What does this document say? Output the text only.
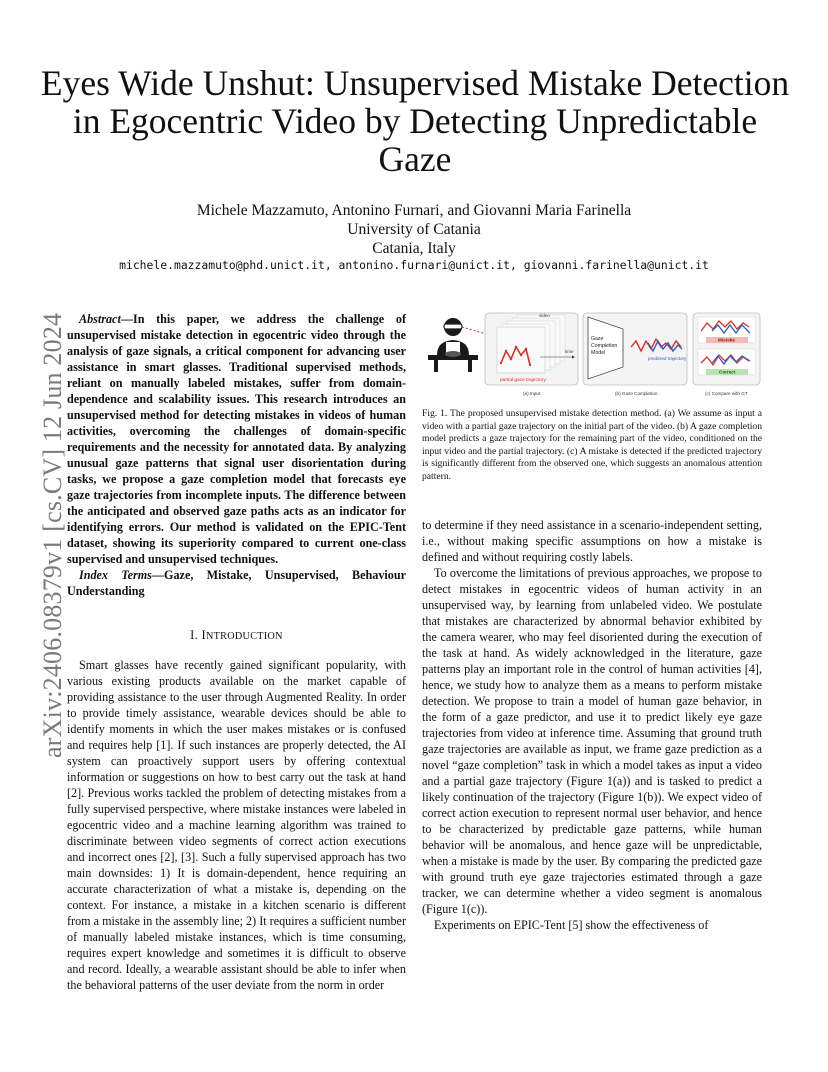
arXiv:2406.08379v1 [cs.CV] 12 Jun 2024
Eyes Wide Unshut: Unsupervised Mistake Detection in Egocentric Video by Detecting Unpredictable Gaze
Michele Mazzamuto, Antonino Furnari, and Giovanni Maria Farinella
University of Catania
Catania, Italy
michele.mazzamuto@phd.unict.it, antonino.furnari@unict.it, giovanni.farinella@unict.it

Abstract—In this paper, we address the challenge of unsupervised mistake detection in egocentric video through the analysis of gaze signals, a critical component for advancing user assistance in smart glasses. Traditional supervised methods, reliant on manually labeled mistakes, suffer from domain-dependence and scalability issues. This research introduces an unsupervised method for detecting mistakes in videos of human activities, overcoming the challenges of domain-specific requirements and the necessity for annotated data. By analyzing unusual gaze patterns that signal user disorientation during tasks, we propose a gaze completion model that forecasts eye gaze trajectories from incomplete inputs. The difference between the anticipated and observed gaze paths acts as an indicator for identifying errors. Our method is validated on the EPIC-Tent dataset, showing its superiority compared to current one-class supervised and unsupervised techniques.

Index Terms—Gaze, Mistake, Unsupervised, Behaviour Understanding

I. INTRODUCTION

Smart glasses have recently gained significant popularity, with various existing products available on the market capable of providing assistance to the user through Augmented Reality. In order to provide timely assistance, wearable devices should be able to identify moments in which the user makes mistakes or is confused and requires help [1]. If such instances are properly detected, the AI system can proactively support users by offering contextual information or suggestions on how to best carry out the task at hand [2]. Previous works tackled the problem of detecting mistakes from a fully supervised perspective, where mistake instances were labeled in egocentric video and a machine learning algorithm was trained to discriminate between video segments of correct action executions and incorrect ones [2], [3]. Such a fully supervised approach has two main downsides: 1) It is domain-dependent, hence requiring an accurate characterization of what a mistake is, depending on the context. For instance, a mistake in a kitchen scenario is different from a mistake in the assembly line; 2) It requires a sufficient number of manually labeled mistake instances, which is time consuming, requires expert knowledge and sometimes it is difficult to observe and record. Ideally, a wearable assistant should be able to infer when the behavioral patterns of the user deviate from the norm in order

video
time
partial gaze trajectory
Gaze
Completion
Model
predicted trajectory
Mistake
Correct
(a) Input	(b) Gaze Completion	(c) Compare with GT

Fig. 1. The proposed unsupervised mistake detection method. (a) We assume as input a video with a partial gaze trajectory on the initial part of the video. (b) A gaze completion model predicts a gaze trajectory for the remaining part of the video, conditioned on the input video and the partial trajectory. (c) A mistake is detected if the predicted trajectory is significantly different from the observed one, which suggests an anomalous attention pattern.

to determine if they need assistance in a scenario-independent setting, i.e., without making specific assumptions on how a mistake is defined and without requiring costly labels.

To overcome the limitations of previous approaches, we propose to detect mistakes in egocentric videos of human activity in an unsupervised way, by learning from unlabeled video. We postulate that mistakes are characterized by abnormal behavior exhibited by the camera wearer, who may feel disoriented during the execution of the task at hand. As widely acknowledged in the literature, gaze patterns play an important role in the control of human activities [4], hence, we study how to analyze them as a means to perform mistake detection. We propose to train a model of human gaze behavior, in the form of a gaze predictor, and use it to predict likely eye gaze trajectories from video at inference time. Assuming that ground truth gaze trajectories are available as input, we frame gaze prediction as a novel “gaze completion” task in which a model takes as input a video and a partial gaze trajectory (Figure 1(a)) and is tasked to predict a likely continuation of the trajectory (Figure 1(b)). We expect video of correct action execution to represent normal user behavior, and hence to be characterized by predictable gaze patterns, while human behavior will be anomalous, and hence gaze will be unpredictable, when a mistake is made by the user. By comparing the predicted gaze with ground truth eye gaze trajectories estimated through a gaze tracker, we can determine whether a video segment is anomalous (Figure 1(c)).

Experiments on EPIC-Tent [5] show the effectiveness of
